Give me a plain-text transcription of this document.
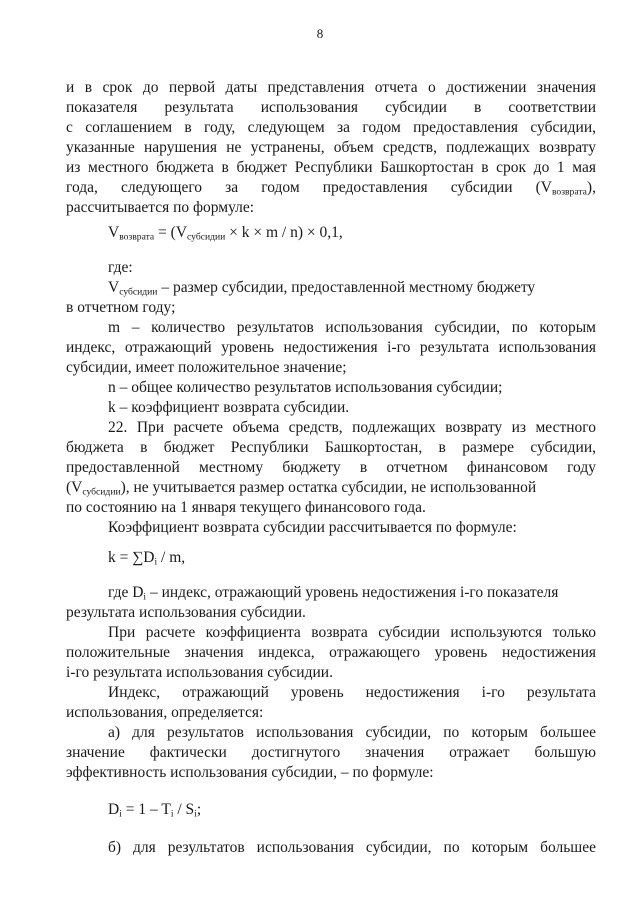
8
и в срок до первой даты представления отчета о достижении значения
показателя результата использования субсидии в соответствии
с соглашением в году, следующем за годом предоставления субсидии,
указанные нарушения не устранены, объем средств, подлежащих возврату
из местного бюджета в бюджет Республики Башкортостан в срок до 1 мая
года, следующего за годом предоставления субсидии $(V_{возврата})$,
рассчитывается по формуле:
$V_{возврата} = (V_{субсидии} \times k \times m / n) \times 0,1$,
где:
$V_{субсидии}$ – размер субсидии, предоставленной местному бюджету
в отчетном году;
m – количество результатов использования субсидии, по которым
индекс, отражающий уровень недостижения i-го результата использования
субсидии, имеет положительное значение;
n – общее количество результатов использования субсидии;
k – коэффициент возврата субсидии.
22. При расчете объема средств, подлежащих возврату из местного
бюджета в бюджет Республики Башкортостан, в размере субсидии,
предоставленной местному бюджету в отчетном финансовом году
$(V_{субсидии})$, не учитывается размер остатка субсидии, не использованной
по состоянию на 1 января текущего финансового года.
Коэффициент возврата субсидии рассчитывается по формуле:
$k = \sum D_i / m$,
где $D_i$ – индекс, отражающий уровень недостижения i-го показателя
результата использования субсидии.
При расчете коэффициента возврата субсидии используются только
положительные значения индекса, отражающего уровень недостижения
i-го результата использования субсидии.
Индекс, отражающий уровень недостижения i-го результата
использования, определяется:
а) для результатов использования субсидии, по которым большее
значение фактически достигнутого значения отражает большую
эффективность использования субсидии, – по формуле:
$D_i = 1 - T_i / S_i$;
б) для результатов использования субсидии, по которым большее
